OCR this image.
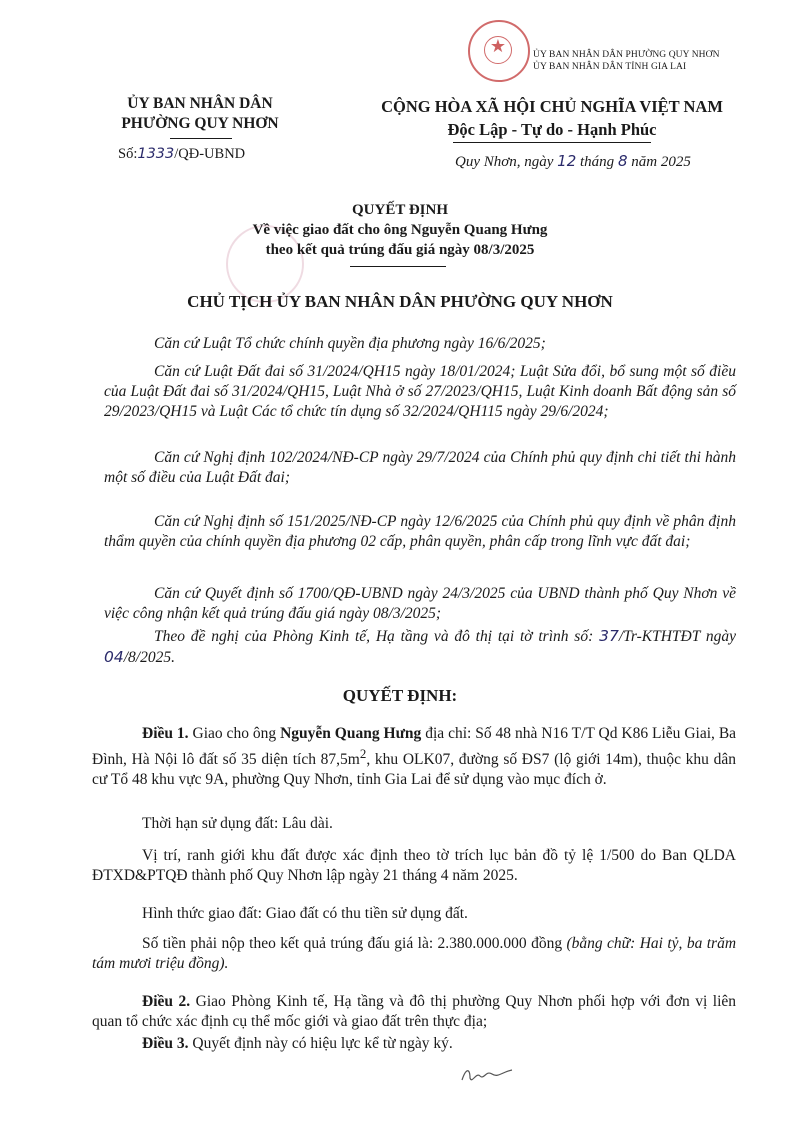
★	ỦY BAN NHÂN DÂN PHƯỜNG QUY NHƠN
ỦY BAN NHÂN DÂN TỈNH GIA LAI
ỦY BAN NHÂN DÂN
PHƯỜNG QUY NHƠN
Số:1333/QĐ-UBND
CỘNG HÒA XÃ HỘI CHỦ NGHĨA VIỆT NAM
Độc Lập - Tự do - Hạnh Phúc
Quy Nhơn, ngày 12 tháng 8 năm 2025
QUYẾT ĐỊNH
Về việc giao đất cho ông Nguyễn Quang Hưng
theo kết quả trúng đấu giá ngày 08/3/2025
CHỦ TỊCH ỦY BAN NHÂN DÂN PHƯỜNG QUY NHƠN
Căn cứ Luật Tổ chức chính quyền địa phương ngày 16/6/2025;
Căn cứ Luật Đất đai số 31/2024/QH15 ngày 18/01/2024; Luật Sửa đổi, bổ sung một số điều của Luật Đất đai số 31/2024/QH15, Luật Nhà ở số 27/2023/QH15, Luật Kinh doanh Bất động sản số 29/2023/QH15 và Luật Các tổ chức tín dụng số 32/2024/QH115 ngày 29/6/2024;
Căn cứ Nghị định 102/2024/NĐ-CP ngày 29/7/2024 của Chính phủ quy định chi tiết thi hành một số điều của Luật Đất đai;
Căn cứ Nghị định số 151/2025/NĐ-CP ngày 12/6/2025 của Chính phủ quy định về phân định thẩm quyền của chính quyền địa phương 02 cấp, phân quyền, phân cấp trong lĩnh vực đất đai;
Căn cứ Quyết định số 1700/QĐ-UBND ngày 24/3/2025 của UBND thành phố Quy Nhơn về việc công nhận kết quả trúng đấu giá ngày 08/3/2025;
Theo đề nghị của Phòng Kinh tế, Hạ tầng và đô thị tại tờ trình số: 37/Tr-KTHTĐT ngày 04/8/2025.
QUYẾT ĐỊNH:
Điều 1. Giao cho ông Nguyễn Quang Hưng địa chỉ: Số 48 nhà N16 T/T Qd K86 Liễu Giai, Ba Đình, Hà Nội lô đất số 35 diện tích $87,5m^2$, khu OLK07, đường số ĐS7 (lộ giới 14m), thuộc khu dân cư Tổ 48 khu vực 9A, phường Quy Nhơn, tỉnh Gia Lai để sử dụng vào mục đích ở.
Thời hạn sử dụng đất: Lâu dài.
Vị trí, ranh giới khu đất được xác định theo tờ trích lục bản đồ tỷ lệ 1/500 do Ban QLDA ĐTXD&PTQĐ thành phố Quy Nhơn lập ngày 21 tháng 4 năm 2025.
Hình thức giao đất: Giao đất có thu tiền sử dụng đất.
Số tiền phải nộp theo kết quả trúng đấu giá là: 2.380.000.000 đồng (bằng chữ: Hai tỷ, ba trăm tám mươi triệu đồng).
Điều 2. Giao Phòng Kinh tế, Hạ tầng và đô thị phường Quy Nhơn phối hợp với đơn vị liên quan tổ chức xác định cụ thể mốc giới và giao đất trên thực địa;
Điều 3. Quyết định này có hiệu lực kể từ ngày ký.
